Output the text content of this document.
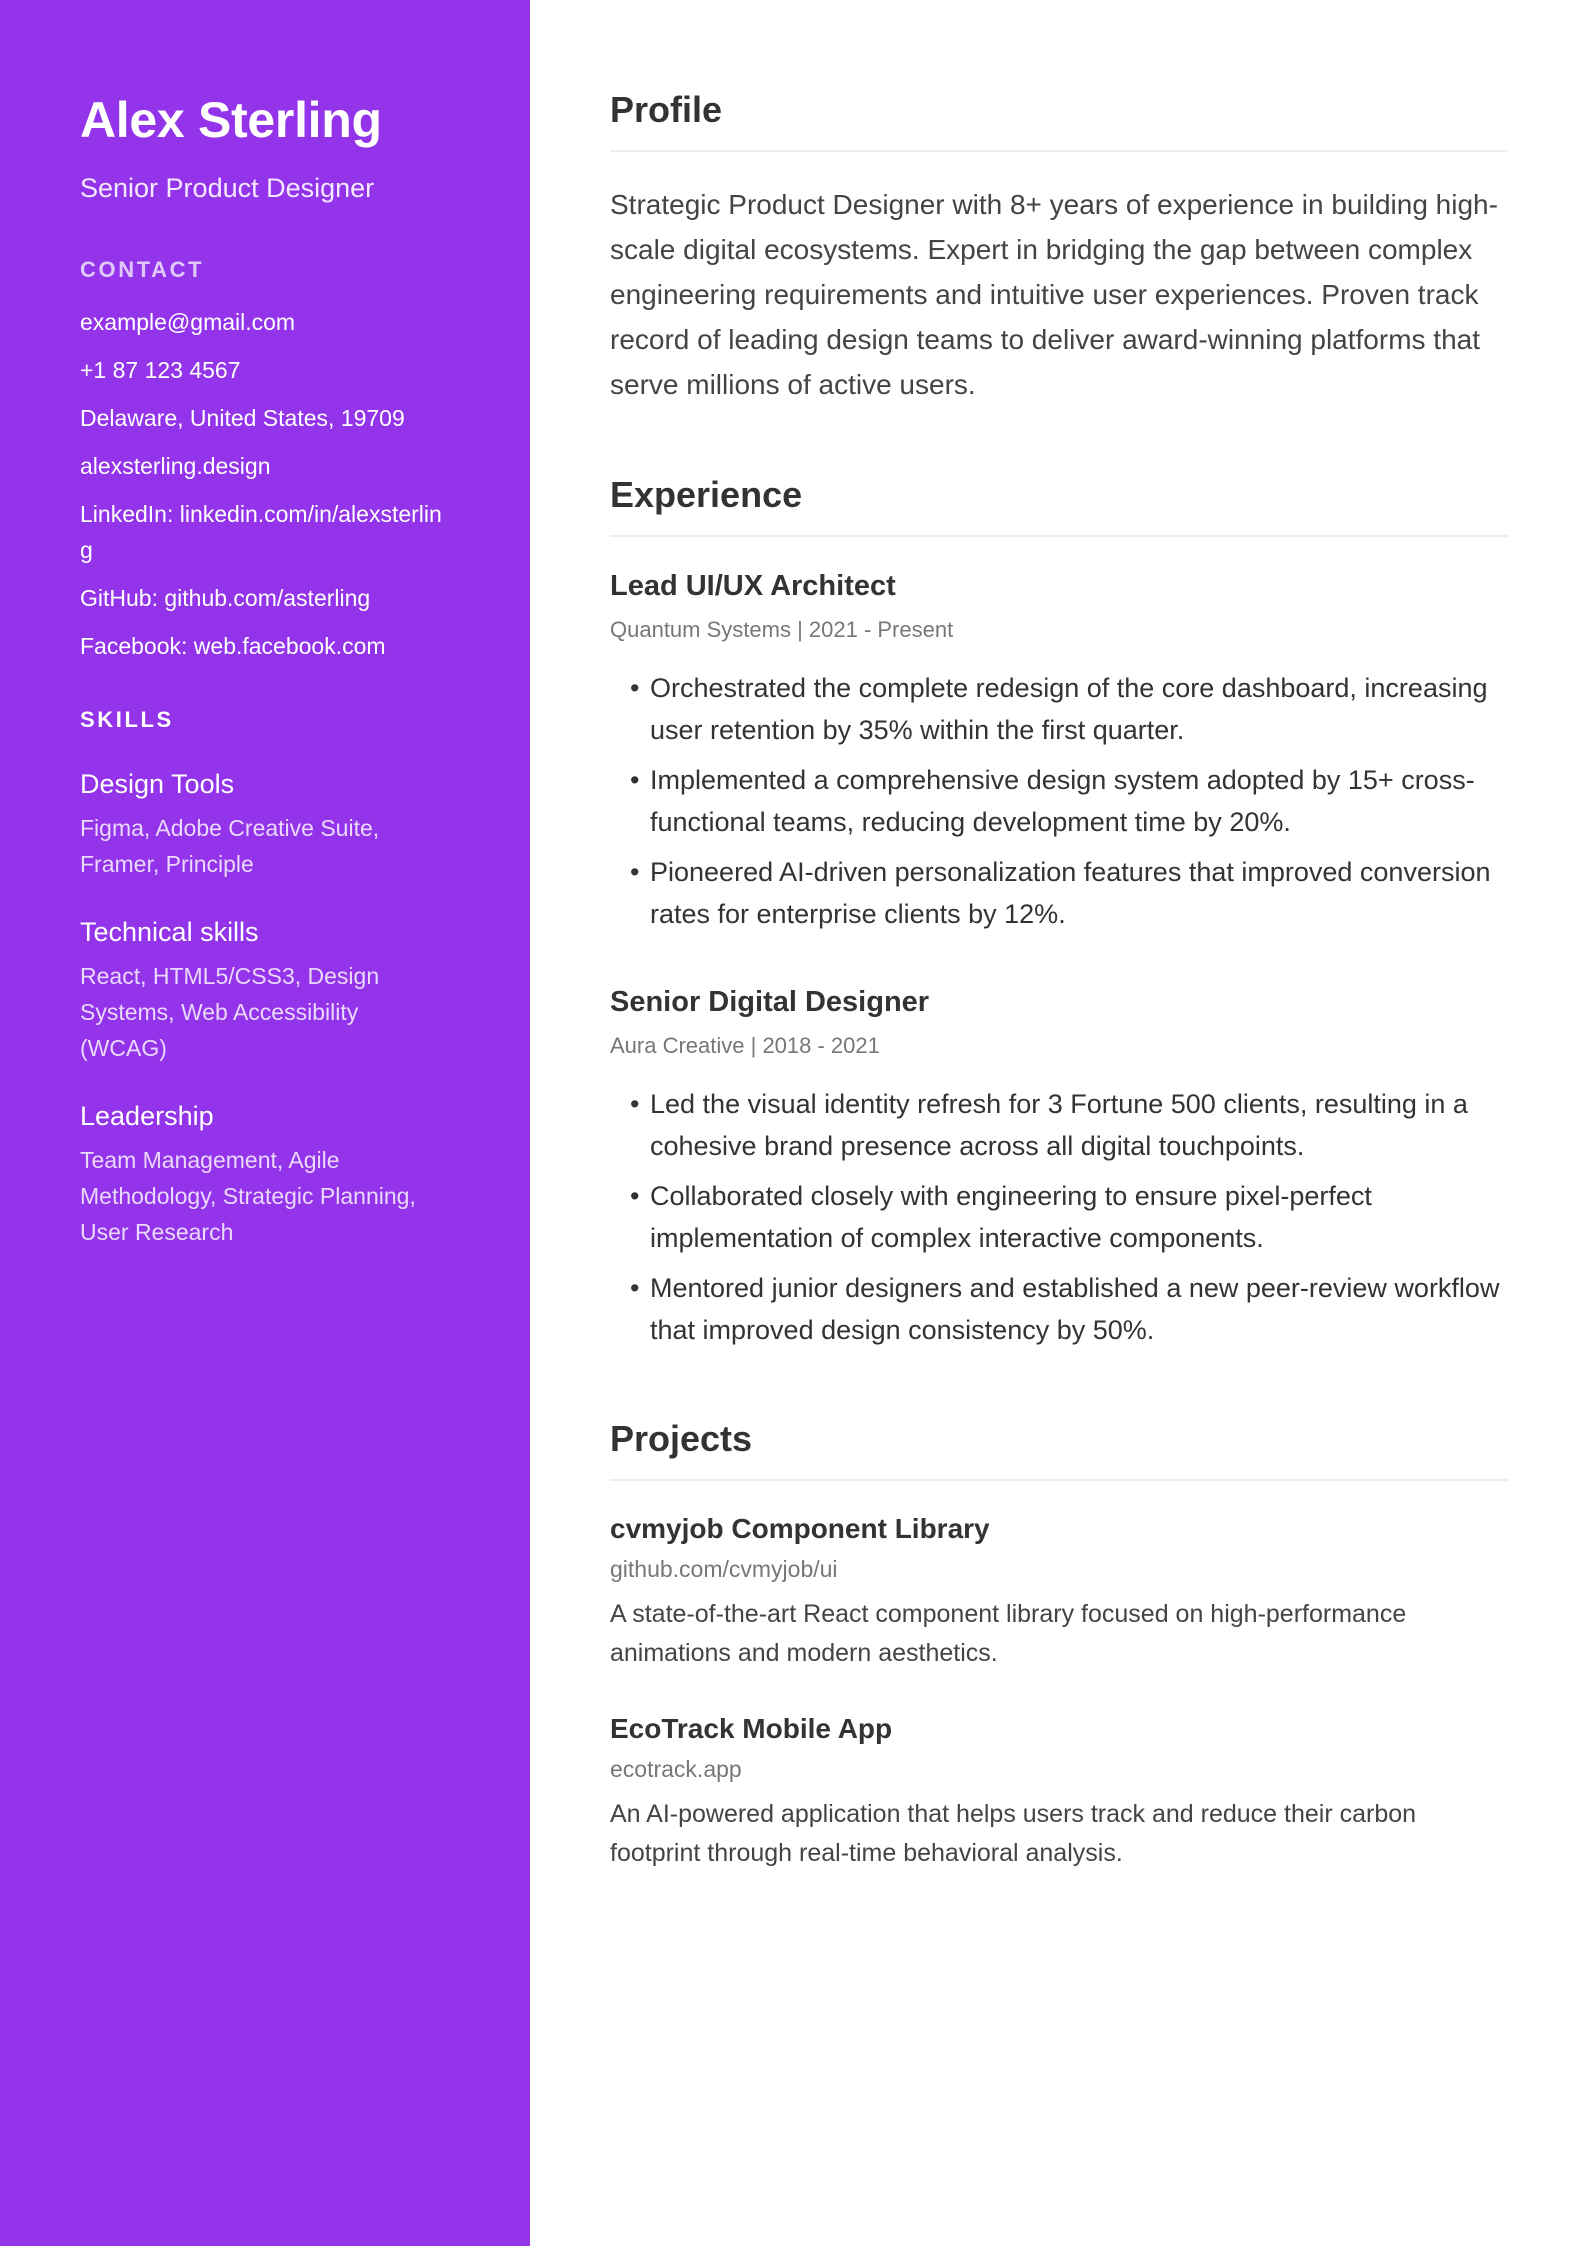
Alex Sterling
Senior Product Designer
CONTACT
example@gmail.com
+1 87 123 4567
Delaware, United States, 19709
alexsterling.design
LinkedIn: linkedin.com/in/alexsterling
GitHub: github.com/asterling
Facebook: web.facebook.com
SKILLS
Design Tools
Figma, Adobe Creative Suite, Framer, Principle
Technical skills
React, HTML5/CSS3, Design Systems, Web Accessibility (WCAG)
Leadership
Team Management, Agile Methodology, Strategic Planning, User Research
Profile

Strategic Product Designer with 8+ years of experience in building high-scale digital ecosystems. Expert in bridging the gap between complex engineering requirements and intuitive user experiences. Proven track record of leading design teams to deliver award-winning platforms that serve millions of active users.

Experience
Lead UI/UX Architect
Quantum Systems | 2021 - Present
• Orchestrated the complete redesign of the core dashboard, increasing user retention by 35% within the first quarter.
• Implemented a comprehensive design system adopted by 15+ cross-functional teams, reducing development time by 20%.
• Pioneered AI-driven personalization features that improved conversion rates for enterprise clients by 12%.
Senior Digital Designer
Aura Creative | 2018 - 2021
• Led the visual identity refresh for 3 Fortune 500 clients, resulting in a cohesive brand presence across all digital touchpoints.
• Collaborated closely with engineering to ensure pixel-perfect implementation of complex interactive components.
• Mentored junior designers and established a new peer-review workflow that improved design consistency by 50%.
Projects
cvmyjob Component Library
github.com/cvmyjob/ui
A state-of-the-art React component library focused on high-performance animations and modern aesthetics.
EcoTrack Mobile App
ecotrack.app
An AI-powered application that helps users track and reduce their carbon footprint through real-time behavioral analysis.
